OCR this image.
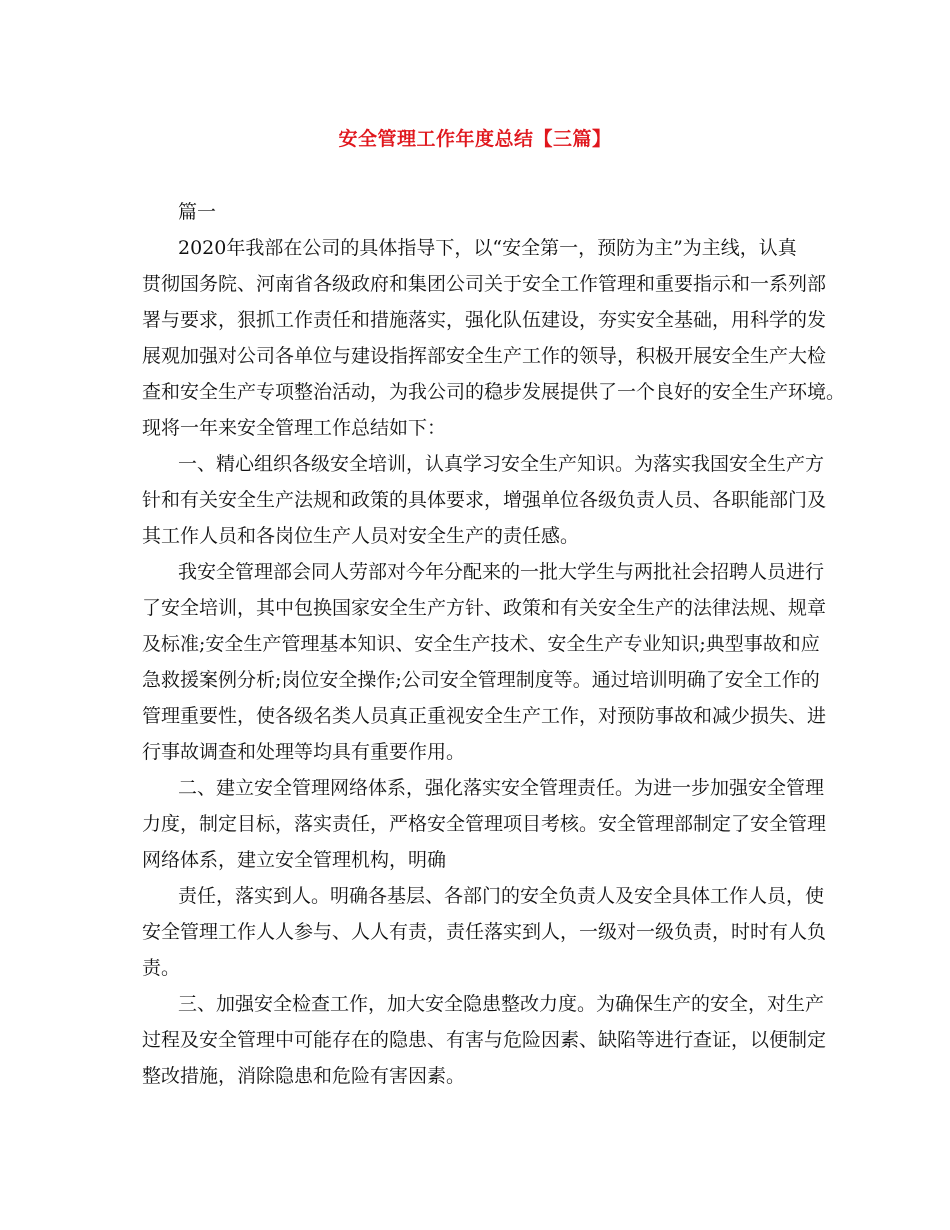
安全管理工作年度总结【三篇】
篇一
2020年我部在公司的具体指导下，以“安全第一，预防为主”为主线，认真
贯彻国务院、河南省各级政府和集团公司关于安全工作管理和重要指示和一系列部
署与要求，狠抓工作责任和措施落实，强化队伍建设，夯实安全基础，用科学的发
展观加强对公司各单位与建设指挥部安全生产工作的领导，积极开展安全生产大检
查和安全生产专项整治活动，为我公司的稳步发展提供了一个良好的安全生产环境。
现将一年来安全管理工作总结如下：
一、精心组织各级安全培训，认真学习安全生产知识。为落实我国安全生产方
针和有关安全生产法规和政策的具体要求，增强单位各级负责人员、各职能部门及
其工作人员和各岗位生产人员对安全生产的责任感。
我安全管理部会同人劳部对今年分配来的一批大学生与两批社会招聘人员进行
了安全培训，其中包换国家安全生产方针、政策和有关安全生产的法律法规、规章
及标准;安全生产管理基本知识、安全生产技术、安全生产专业知识;典型事故和应
急救援案例分析;岗位安全操作;公司安全管理制度等。通过培训明确了安全工作的
管理重要性，使各级名类人员真正重视安全生产工作，对预防事故和减少损失、进
行事故调查和处理等均具有重要作用。
二、建立安全管理网络体系，强化落实安全管理责任。为进一步加强安全管理
力度，制定目标，落实责任，严格安全管理项目考核。安全管理部制定了安全管理
网络体系，建立安全管理机构，明确
责任，落实到人。明确各基层、各部门的安全负责人及安全具体工作人员，使
安全管理工作人人参与、人人有责，责任落实到人，一级对一级负责，时时有人负
责。
三、加强安全检查工作，加大安全隐患整改力度。为确保生产的安全，对生产
过程及安全管理中可能存在的隐患、有害与危险因素、缺陷等进行查证，以便制定
整改措施，消除隐患和危险有害因素。
